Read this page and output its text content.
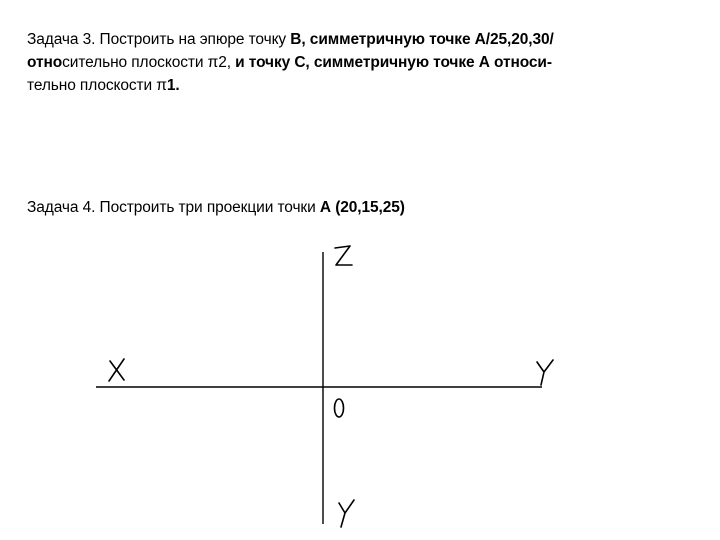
Задача 3. Построить на эпюре точку В, симметричную точке А/25,20,30/
относительно плоскости π2, и точку С, симметричную точке А относи-
тельно плоскости π1.
Задача 4. Построить три проекции точки А (20,15,25)
